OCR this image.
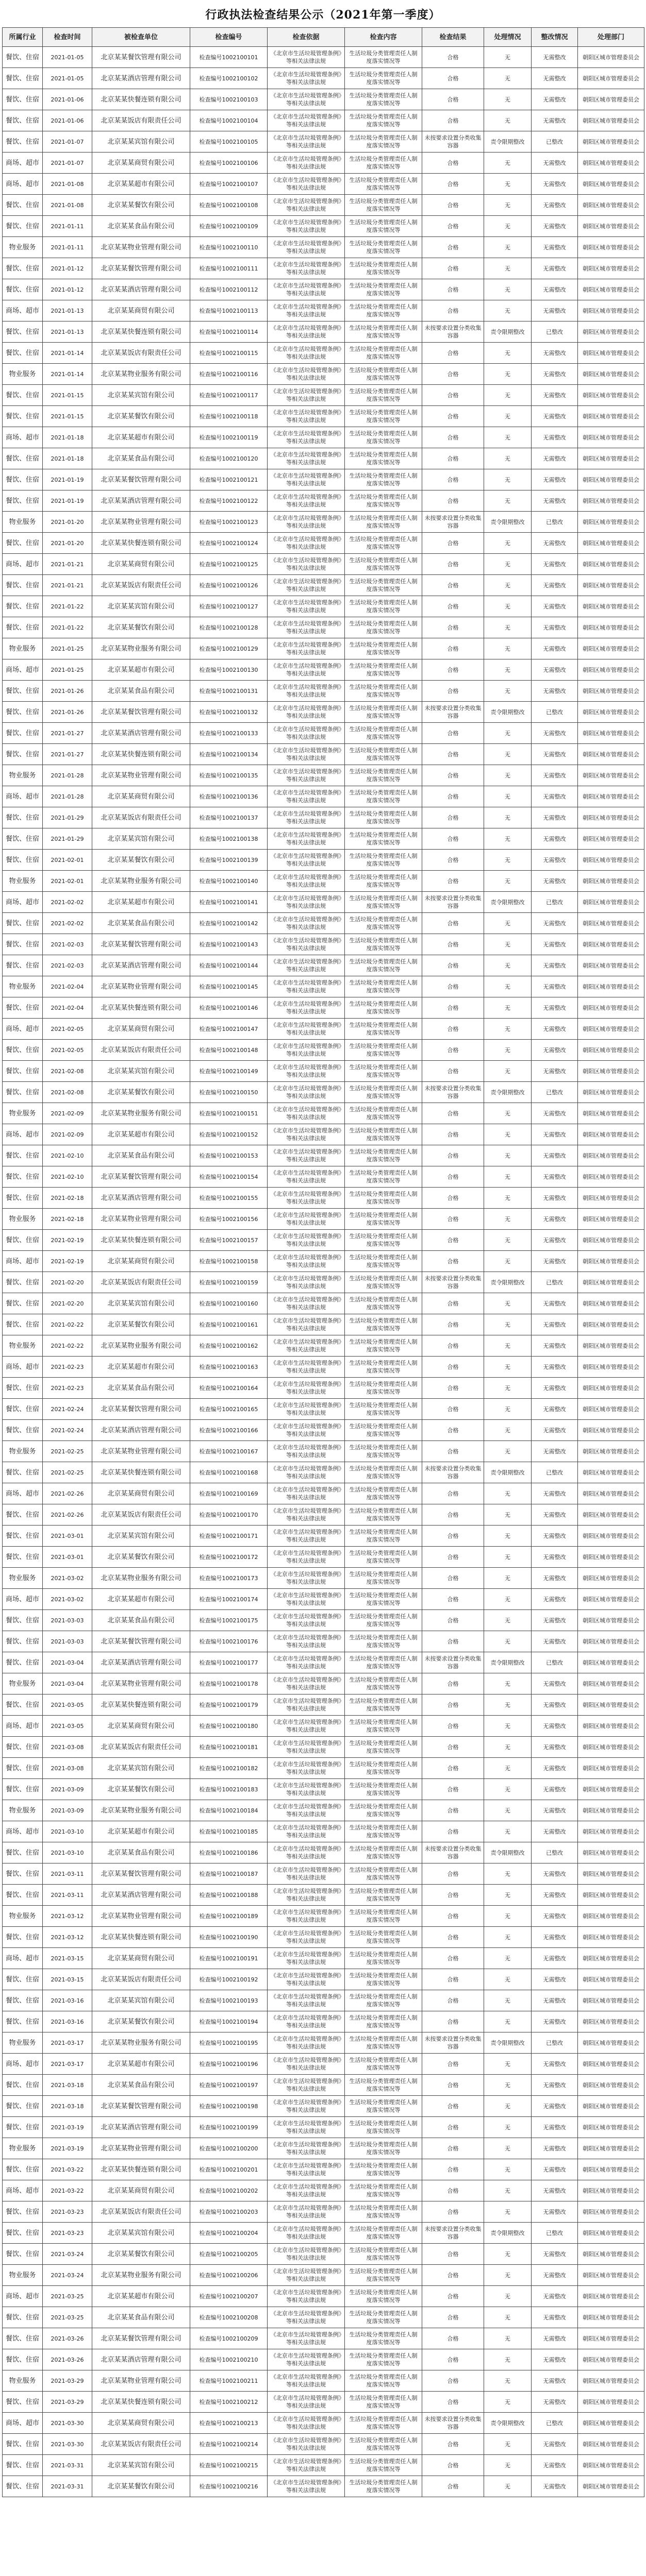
行政执法检查结果公示（2021年第一季度）
所属行业	检查时间	被检查单位	检查编号	检查依据	检查内容	检查结果	处理情况	整改情况	处理部门

餐饮、住宿	2021-01-05	北京某某餐饮管理有限公司	检查编号1002100101	《北京市生活垃圾管理条例》等相关法律法规	生活垃圾分类管理责任人制度落实情况等	合格	无	无需整改	朝阳区城市管理委员会

餐饮、住宿	2021-01-05	北京某某酒店管理有限公司	检查编号1002100102	《北京市生活垃圾管理条例》等相关法律法规	生活垃圾分类管理责任人制度落实情况等	合格	无	无需整改	朝阳区城市管理委员会

餐饮、住宿	2021-01-06	北京某某快餐连锁有限公司	检查编号1002100103	《北京市生活垃圾管理条例》等相关法律法规	生活垃圾分类管理责任人制度落实情况等	合格	无	无需整改	朝阳区城市管理委员会

餐饮、住宿	2021-01-06	北京某某饭店有限责任公司	检查编号1002100104	《北京市生活垃圾管理条例》等相关法律法规	生活垃圾分类管理责任人制度落实情况等	合格	无	无需整改	朝阳区城市管理委员会

餐饮、住宿	2021-01-07	北京某某宾馆有限公司	检查编号1002100105	《北京市生活垃圾管理条例》等相关法律法规	生活垃圾分类管理责任人制度落实情况等	未按要求设置分类收集容器	责令限期整改	已整改	朝阳区城市管理委员会

商场、超市	2021-01-07	北京某某商贸有限公司	检查编号1002100106	《北京市生活垃圾管理条例》等相关法律法规	生活垃圾分类管理责任人制度落实情况等	合格	无	无需整改	朝阳区城市管理委员会

商场、超市	2021-01-08	北京某某超市有限公司	检查编号1002100107	《北京市生活垃圾管理条例》等相关法律法规	生活垃圾分类管理责任人制度落实情况等	合格	无	无需整改	朝阳区城市管理委员会

餐饮、住宿	2021-01-08	北京某某餐饮有限公司	检查编号1002100108	《北京市生活垃圾管理条例》等相关法律法规	生活垃圾分类管理责任人制度落实情况等	合格	无	无需整改	朝阳区城市管理委员会

餐饮、住宿	2021-01-11	北京某某食品有限公司	检查编号1002100109	《北京市生活垃圾管理条例》等相关法律法规	生活垃圾分类管理责任人制度落实情况等	合格	无	无需整改	朝阳区城市管理委员会

物业服务	2021-01-11	北京某某物业管理有限公司	检查编号1002100110	《北京市生活垃圾管理条例》等相关法律法规	生活垃圾分类管理责任人制度落实情况等	合格	无	无需整改	朝阳区城市管理委员会

餐饮、住宿	2021-01-12	北京某某餐饮管理有限公司	检查编号1002100111	《北京市生活垃圾管理条例》等相关法律法规	生活垃圾分类管理责任人制度落实情况等	合格	无	无需整改	朝阳区城市管理委员会

餐饮、住宿	2021-01-12	北京某某酒店管理有限公司	检查编号1002100112	《北京市生活垃圾管理条例》等相关法律法规	生活垃圾分类管理责任人制度落实情况等	合格	无	无需整改	朝阳区城市管理委员会

商场、超市	2021-01-13	北京某某商贸有限公司	检查编号1002100113	《北京市生活垃圾管理条例》等相关法律法规	生活垃圾分类管理责任人制度落实情况等	合格	无	无需整改	朝阳区城市管理委员会

餐饮、住宿	2021-01-13	北京某某快餐连锁有限公司	检查编号1002100114	《北京市生活垃圾管理条例》等相关法律法规	生活垃圾分类管理责任人制度落实情况等	未按要求设置分类收集容器	责令限期整改	已整改	朝阳区城市管理委员会

餐饮、住宿	2021-01-14	北京某某饭店有限责任公司	检查编号1002100115	《北京市生活垃圾管理条例》等相关法律法规	生活垃圾分类管理责任人制度落实情况等	合格	无	无需整改	朝阳区城市管理委员会

物业服务	2021-01-14	北京某某物业服务有限公司	检查编号1002100116	《北京市生活垃圾管理条例》等相关法律法规	生活垃圾分类管理责任人制度落实情况等	合格	无	无需整改	朝阳区城市管理委员会

餐饮、住宿	2021-01-15	北京某某宾馆有限公司	检查编号1002100117	《北京市生活垃圾管理条例》等相关法律法规	生活垃圾分类管理责任人制度落实情况等	合格	无	无需整改	朝阳区城市管理委员会

餐饮、住宿	2021-01-15	北京某某餐饮有限公司	检查编号1002100118	《北京市生活垃圾管理条例》等相关法律法规	生活垃圾分类管理责任人制度落实情况等	合格	无	无需整改	朝阳区城市管理委员会

商场、超市	2021-01-18	北京某某超市有限公司	检查编号1002100119	《北京市生活垃圾管理条例》等相关法律法规	生活垃圾分类管理责任人制度落实情况等	合格	无	无需整改	朝阳区城市管理委员会

餐饮、住宿	2021-01-18	北京某某食品有限公司	检查编号1002100120	《北京市生活垃圾管理条例》等相关法律法规	生活垃圾分类管理责任人制度落实情况等	合格	无	无需整改	朝阳区城市管理委员会

餐饮、住宿	2021-01-19	北京某某餐饮管理有限公司	检查编号1002100121	《北京市生活垃圾管理条例》等相关法律法规	生活垃圾分类管理责任人制度落实情况等	合格	无	无需整改	朝阳区城市管理委员会

餐饮、住宿	2021-01-19	北京某某酒店管理有限公司	检查编号1002100122	《北京市生活垃圾管理条例》等相关法律法规	生活垃圾分类管理责任人制度落实情况等	合格	无	无需整改	朝阳区城市管理委员会

物业服务	2021-01-20	北京某某物业管理有限公司	检查编号1002100123	《北京市生活垃圾管理条例》等相关法律法规	生活垃圾分类管理责任人制度落实情况等	未按要求设置分类收集容器	责令限期整改	已整改	朝阳区城市管理委员会

餐饮、住宿	2021-01-20	北京某某快餐连锁有限公司	检查编号1002100124	《北京市生活垃圾管理条例》等相关法律法规	生活垃圾分类管理责任人制度落实情况等	合格	无	无需整改	朝阳区城市管理委员会

商场、超市	2021-01-21	北京某某商贸有限公司	检查编号1002100125	《北京市生活垃圾管理条例》等相关法律法规	生活垃圾分类管理责任人制度落实情况等	合格	无	无需整改	朝阳区城市管理委员会

餐饮、住宿	2021-01-21	北京某某饭店有限责任公司	检查编号1002100126	《北京市生活垃圾管理条例》等相关法律法规	生活垃圾分类管理责任人制度落实情况等	合格	无	无需整改	朝阳区城市管理委员会

餐饮、住宿	2021-01-22	北京某某宾馆有限公司	检查编号1002100127	《北京市生活垃圾管理条例》等相关法律法规	生活垃圾分类管理责任人制度落实情况等	合格	无	无需整改	朝阳区城市管理委员会

餐饮、住宿	2021-01-22	北京某某餐饮有限公司	检查编号1002100128	《北京市生活垃圾管理条例》等相关法律法规	生活垃圾分类管理责任人制度落实情况等	合格	无	无需整改	朝阳区城市管理委员会

物业服务	2021-01-25	北京某某物业服务有限公司	检查编号1002100129	《北京市生活垃圾管理条例》等相关法律法规	生活垃圾分类管理责任人制度落实情况等	合格	无	无需整改	朝阳区城市管理委员会

商场、超市	2021-01-25	北京某某超市有限公司	检查编号1002100130	《北京市生活垃圾管理条例》等相关法律法规	生活垃圾分类管理责任人制度落实情况等	合格	无	无需整改	朝阳区城市管理委员会

餐饮、住宿	2021-01-26	北京某某食品有限公司	检查编号1002100131	《北京市生活垃圾管理条例》等相关法律法规	生活垃圾分类管理责任人制度落实情况等	合格	无	无需整改	朝阳区城市管理委员会

餐饮、住宿	2021-01-26	北京某某餐饮管理有限公司	检查编号1002100132	《北京市生活垃圾管理条例》等相关法律法规	生活垃圾分类管理责任人制度落实情况等	未按要求设置分类收集容器	责令限期整改	已整改	朝阳区城市管理委员会

餐饮、住宿	2021-01-27	北京某某酒店管理有限公司	检查编号1002100133	《北京市生活垃圾管理条例》等相关法律法规	生活垃圾分类管理责任人制度落实情况等	合格	无	无需整改	朝阳区城市管理委员会

餐饮、住宿	2021-01-27	北京某某快餐连锁有限公司	检查编号1002100134	《北京市生活垃圾管理条例》等相关法律法规	生活垃圾分类管理责任人制度落实情况等	合格	无	无需整改	朝阳区城市管理委员会

物业服务	2021-01-28	北京某某物业管理有限公司	检查编号1002100135	《北京市生活垃圾管理条例》等相关法律法规	生活垃圾分类管理责任人制度落实情况等	合格	无	无需整改	朝阳区城市管理委员会

商场、超市	2021-01-28	北京某某商贸有限公司	检查编号1002100136	《北京市生活垃圾管理条例》等相关法律法规	生活垃圾分类管理责任人制度落实情况等	合格	无	无需整改	朝阳区城市管理委员会

餐饮、住宿	2021-01-29	北京某某饭店有限责任公司	检查编号1002100137	《北京市生活垃圾管理条例》等相关法律法规	生活垃圾分类管理责任人制度落实情况等	合格	无	无需整改	朝阳区城市管理委员会

餐饮、住宿	2021-01-29	北京某某宾馆有限公司	检查编号1002100138	《北京市生活垃圾管理条例》等相关法律法规	生活垃圾分类管理责任人制度落实情况等	合格	无	无需整改	朝阳区城市管理委员会

餐饮、住宿	2021-02-01	北京某某餐饮有限公司	检查编号1002100139	《北京市生活垃圾管理条例》等相关法律法规	生活垃圾分类管理责任人制度落实情况等	合格	无	无需整改	朝阳区城市管理委员会

物业服务	2021-02-01	北京某某物业服务有限公司	检查编号1002100140	《北京市生活垃圾管理条例》等相关法律法规	生活垃圾分类管理责任人制度落实情况等	合格	无	无需整改	朝阳区城市管理委员会

商场、超市	2021-02-02	北京某某超市有限公司	检查编号1002100141	《北京市生活垃圾管理条例》等相关法律法规	生活垃圾分类管理责任人制度落实情况等	未按要求设置分类收集容器	责令限期整改	已整改	朝阳区城市管理委员会

餐饮、住宿	2021-02-02	北京某某食品有限公司	检查编号1002100142	《北京市生活垃圾管理条例》等相关法律法规	生活垃圾分类管理责任人制度落实情况等	合格	无	无需整改	朝阳区城市管理委员会

餐饮、住宿	2021-02-03	北京某某餐饮管理有限公司	检查编号1002100143	《北京市生活垃圾管理条例》等相关法律法规	生活垃圾分类管理责任人制度落实情况等	合格	无	无需整改	朝阳区城市管理委员会

餐饮、住宿	2021-02-03	北京某某酒店管理有限公司	检查编号1002100144	《北京市生活垃圾管理条例》等相关法律法规	生活垃圾分类管理责任人制度落实情况等	合格	无	无需整改	朝阳区城市管理委员会

物业服务	2021-02-04	北京某某物业管理有限公司	检查编号1002100145	《北京市生活垃圾管理条例》等相关法律法规	生活垃圾分类管理责任人制度落实情况等	合格	无	无需整改	朝阳区城市管理委员会

餐饮、住宿	2021-02-04	北京某某快餐连锁有限公司	检查编号1002100146	《北京市生活垃圾管理条例》等相关法律法规	生活垃圾分类管理责任人制度落实情况等	合格	无	无需整改	朝阳区城市管理委员会

商场、超市	2021-02-05	北京某某商贸有限公司	检查编号1002100147	《北京市生活垃圾管理条例》等相关法律法规	生活垃圾分类管理责任人制度落实情况等	合格	无	无需整改	朝阳区城市管理委员会

餐饮、住宿	2021-02-05	北京某某饭店有限责任公司	检查编号1002100148	《北京市生活垃圾管理条例》等相关法律法规	生活垃圾分类管理责任人制度落实情况等	合格	无	无需整改	朝阳区城市管理委员会

餐饮、住宿	2021-02-08	北京某某宾馆有限公司	检查编号1002100149	《北京市生活垃圾管理条例》等相关法律法规	生活垃圾分类管理责任人制度落实情况等	合格	无	无需整改	朝阳区城市管理委员会

餐饮、住宿	2021-02-08	北京某某餐饮有限公司	检查编号1002100150	《北京市生活垃圾管理条例》等相关法律法规	生活垃圾分类管理责任人制度落实情况等	未按要求设置分类收集容器	责令限期整改	已整改	朝阳区城市管理委员会

物业服务	2021-02-09	北京某某物业服务有限公司	检查编号1002100151	《北京市生活垃圾管理条例》等相关法律法规	生活垃圾分类管理责任人制度落实情况等	合格	无	无需整改	朝阳区城市管理委员会

商场、超市	2021-02-09	北京某某超市有限公司	检查编号1002100152	《北京市生活垃圾管理条例》等相关法律法规	生活垃圾分类管理责任人制度落实情况等	合格	无	无需整改	朝阳区城市管理委员会

餐饮、住宿	2021-02-10	北京某某食品有限公司	检查编号1002100153	《北京市生活垃圾管理条例》等相关法律法规	生活垃圾分类管理责任人制度落实情况等	合格	无	无需整改	朝阳区城市管理委员会

餐饮、住宿	2021-02-10	北京某某餐饮管理有限公司	检查编号1002100154	《北京市生活垃圾管理条例》等相关法律法规	生活垃圾分类管理责任人制度落实情况等	合格	无	无需整改	朝阳区城市管理委员会

餐饮、住宿	2021-02-18	北京某某酒店管理有限公司	检查编号1002100155	《北京市生活垃圾管理条例》等相关法律法规	生活垃圾分类管理责任人制度落实情况等	合格	无	无需整改	朝阳区城市管理委员会

物业服务	2021-02-18	北京某某物业管理有限公司	检查编号1002100156	《北京市生活垃圾管理条例》等相关法律法规	生活垃圾分类管理责任人制度落实情况等	合格	无	无需整改	朝阳区城市管理委员会

餐饮、住宿	2021-02-19	北京某某快餐连锁有限公司	检查编号1002100157	《北京市生活垃圾管理条例》等相关法律法规	生活垃圾分类管理责任人制度落实情况等	合格	无	无需整改	朝阳区城市管理委员会

商场、超市	2021-02-19	北京某某商贸有限公司	检查编号1002100158	《北京市生活垃圾管理条例》等相关法律法规	生活垃圾分类管理责任人制度落实情况等	合格	无	无需整改	朝阳区城市管理委员会

餐饮、住宿	2021-02-20	北京某某饭店有限责任公司	检查编号1002100159	《北京市生活垃圾管理条例》等相关法律法规	生活垃圾分类管理责任人制度落实情况等	未按要求设置分类收集容器	责令限期整改	已整改	朝阳区城市管理委员会

餐饮、住宿	2021-02-20	北京某某宾馆有限公司	检查编号1002100160	《北京市生活垃圾管理条例》等相关法律法规	生活垃圾分类管理责任人制度落实情况等	合格	无	无需整改	朝阳区城市管理委员会

餐饮、住宿	2021-02-22	北京某某餐饮有限公司	检查编号1002100161	《北京市生活垃圾管理条例》等相关法律法规	生活垃圾分类管理责任人制度落实情况等	合格	无	无需整改	朝阳区城市管理委员会

物业服务	2021-02-22	北京某某物业服务有限公司	检查编号1002100162	《北京市生活垃圾管理条例》等相关法律法规	生活垃圾分类管理责任人制度落实情况等	合格	无	无需整改	朝阳区城市管理委员会

商场、超市	2021-02-23	北京某某超市有限公司	检查编号1002100163	《北京市生活垃圾管理条例》等相关法律法规	生活垃圾分类管理责任人制度落实情况等	合格	无	无需整改	朝阳区城市管理委员会

餐饮、住宿	2021-02-23	北京某某食品有限公司	检查编号1002100164	《北京市生活垃圾管理条例》等相关法律法规	生活垃圾分类管理责任人制度落实情况等	合格	无	无需整改	朝阳区城市管理委员会

餐饮、住宿	2021-02-24	北京某某餐饮管理有限公司	检查编号1002100165	《北京市生活垃圾管理条例》等相关法律法规	生活垃圾分类管理责任人制度落实情况等	合格	无	无需整改	朝阳区城市管理委员会

餐饮、住宿	2021-02-24	北京某某酒店管理有限公司	检查编号1002100166	《北京市生活垃圾管理条例》等相关法律法规	生活垃圾分类管理责任人制度落实情况等	合格	无	无需整改	朝阳区城市管理委员会

物业服务	2021-02-25	北京某某物业管理有限公司	检查编号1002100167	《北京市生活垃圾管理条例》等相关法律法规	生活垃圾分类管理责任人制度落实情况等	合格	无	无需整改	朝阳区城市管理委员会

餐饮、住宿	2021-02-25	北京某某快餐连锁有限公司	检查编号1002100168	《北京市生活垃圾管理条例》等相关法律法规	生活垃圾分类管理责任人制度落实情况等	未按要求设置分类收集容器	责令限期整改	已整改	朝阳区城市管理委员会

商场、超市	2021-02-26	北京某某商贸有限公司	检查编号1002100169	《北京市生活垃圾管理条例》等相关法律法规	生活垃圾分类管理责任人制度落实情况等	合格	无	无需整改	朝阳区城市管理委员会

餐饮、住宿	2021-02-26	北京某某饭店有限责任公司	检查编号1002100170	《北京市生活垃圾管理条例》等相关法律法规	生活垃圾分类管理责任人制度落实情况等	合格	无	无需整改	朝阳区城市管理委员会

餐饮、住宿	2021-03-01	北京某某宾馆有限公司	检查编号1002100171	《北京市生活垃圾管理条例》等相关法律法规	生活垃圾分类管理责任人制度落实情况等	合格	无	无需整改	朝阳区城市管理委员会

餐饮、住宿	2021-03-01	北京某某餐饮有限公司	检查编号1002100172	《北京市生活垃圾管理条例》等相关法律法规	生活垃圾分类管理责任人制度落实情况等	合格	无	无需整改	朝阳区城市管理委员会

物业服务	2021-03-02	北京某某物业服务有限公司	检查编号1002100173	《北京市生活垃圾管理条例》等相关法律法规	生活垃圾分类管理责任人制度落实情况等	合格	无	无需整改	朝阳区城市管理委员会

商场、超市	2021-03-02	北京某某超市有限公司	检查编号1002100174	《北京市生活垃圾管理条例》等相关法律法规	生活垃圾分类管理责任人制度落实情况等	合格	无	无需整改	朝阳区城市管理委员会

餐饮、住宿	2021-03-03	北京某某食品有限公司	检查编号1002100175	《北京市生活垃圾管理条例》等相关法律法规	生活垃圾分类管理责任人制度落实情况等	合格	无	无需整改	朝阳区城市管理委员会

餐饮、住宿	2021-03-03	北京某某餐饮管理有限公司	检查编号1002100176	《北京市生活垃圾管理条例》等相关法律法规	生活垃圾分类管理责任人制度落实情况等	合格	无	无需整改	朝阳区城市管理委员会

餐饮、住宿	2021-03-04	北京某某酒店管理有限公司	检查编号1002100177	《北京市生活垃圾管理条例》等相关法律法规	生活垃圾分类管理责任人制度落实情况等	未按要求设置分类收集容器	责令限期整改	已整改	朝阳区城市管理委员会

物业服务	2021-03-04	北京某某物业管理有限公司	检查编号1002100178	《北京市生活垃圾管理条例》等相关法律法规	生活垃圾分类管理责任人制度落实情况等	合格	无	无需整改	朝阳区城市管理委员会

餐饮、住宿	2021-03-05	北京某某快餐连锁有限公司	检查编号1002100179	《北京市生活垃圾管理条例》等相关法律法规	生活垃圾分类管理责任人制度落实情况等	合格	无	无需整改	朝阳区城市管理委员会

商场、超市	2021-03-05	北京某某商贸有限公司	检查编号1002100180	《北京市生活垃圾管理条例》等相关法律法规	生活垃圾分类管理责任人制度落实情况等	合格	无	无需整改	朝阳区城市管理委员会

餐饮、住宿	2021-03-08	北京某某饭店有限责任公司	检查编号1002100181	《北京市生活垃圾管理条例》等相关法律法规	生活垃圾分类管理责任人制度落实情况等	合格	无	无需整改	朝阳区城市管理委员会

餐饮、住宿	2021-03-08	北京某某宾馆有限公司	检查编号1002100182	《北京市生活垃圾管理条例》等相关法律法规	生活垃圾分类管理责任人制度落实情况等	合格	无	无需整改	朝阳区城市管理委员会

餐饮、住宿	2021-03-09	北京某某餐饮有限公司	检查编号1002100183	《北京市生活垃圾管理条例》等相关法律法规	生活垃圾分类管理责任人制度落实情况等	合格	无	无需整改	朝阳区城市管理委员会

物业服务	2021-03-09	北京某某物业服务有限公司	检查编号1002100184	《北京市生活垃圾管理条例》等相关法律法规	生活垃圾分类管理责任人制度落实情况等	合格	无	无需整改	朝阳区城市管理委员会

商场、超市	2021-03-10	北京某某超市有限公司	检查编号1002100185	《北京市生活垃圾管理条例》等相关法律法规	生活垃圾分类管理责任人制度落实情况等	合格	无	无需整改	朝阳区城市管理委员会

餐饮、住宿	2021-03-10	北京某某食品有限公司	检查编号1002100186	《北京市生活垃圾管理条例》等相关法律法规	生活垃圾分类管理责任人制度落实情况等	未按要求设置分类收集容器	责令限期整改	已整改	朝阳区城市管理委员会

餐饮、住宿	2021-03-11	北京某某餐饮管理有限公司	检查编号1002100187	《北京市生活垃圾管理条例》等相关法律法规	生活垃圾分类管理责任人制度落实情况等	合格	无	无需整改	朝阳区城市管理委员会

餐饮、住宿	2021-03-11	北京某某酒店管理有限公司	检查编号1002100188	《北京市生活垃圾管理条例》等相关法律法规	生活垃圾分类管理责任人制度落实情况等	合格	无	无需整改	朝阳区城市管理委员会

物业服务	2021-03-12	北京某某物业管理有限公司	检查编号1002100189	《北京市生活垃圾管理条例》等相关法律法规	生活垃圾分类管理责任人制度落实情况等	合格	无	无需整改	朝阳区城市管理委员会

餐饮、住宿	2021-03-12	北京某某快餐连锁有限公司	检查编号1002100190	《北京市生活垃圾管理条例》等相关法律法规	生活垃圾分类管理责任人制度落实情况等	合格	无	无需整改	朝阳区城市管理委员会

商场、超市	2021-03-15	北京某某商贸有限公司	检查编号1002100191	《北京市生活垃圾管理条例》等相关法律法规	生活垃圾分类管理责任人制度落实情况等	合格	无	无需整改	朝阳区城市管理委员会

餐饮、住宿	2021-03-15	北京某某饭店有限责任公司	检查编号1002100192	《北京市生活垃圾管理条例》等相关法律法规	生活垃圾分类管理责任人制度落实情况等	合格	无	无需整改	朝阳区城市管理委员会

餐饮、住宿	2021-03-16	北京某某宾馆有限公司	检查编号1002100193	《北京市生活垃圾管理条例》等相关法律法规	生活垃圾分类管理责任人制度落实情况等	合格	无	无需整改	朝阳区城市管理委员会

餐饮、住宿	2021-03-16	北京某某餐饮有限公司	检查编号1002100194	《北京市生活垃圾管理条例》等相关法律法规	生活垃圾分类管理责任人制度落实情况等	合格	无	无需整改	朝阳区城市管理委员会

物业服务	2021-03-17	北京某某物业服务有限公司	检查编号1002100195	《北京市生活垃圾管理条例》等相关法律法规	生活垃圾分类管理责任人制度落实情况等	未按要求设置分类收集容器	责令限期整改	已整改	朝阳区城市管理委员会

商场、超市	2021-03-17	北京某某超市有限公司	检查编号1002100196	《北京市生活垃圾管理条例》等相关法律法规	生活垃圾分类管理责任人制度落实情况等	合格	无	无需整改	朝阳区城市管理委员会

餐饮、住宿	2021-03-18	北京某某食品有限公司	检查编号1002100197	《北京市生活垃圾管理条例》等相关法律法规	生活垃圾分类管理责任人制度落实情况等	合格	无	无需整改	朝阳区城市管理委员会

餐饮、住宿	2021-03-18	北京某某餐饮管理有限公司	检查编号1002100198	《北京市生活垃圾管理条例》等相关法律法规	生活垃圾分类管理责任人制度落实情况等	合格	无	无需整改	朝阳区城市管理委员会

餐饮、住宿	2021-03-19	北京某某酒店管理有限公司	检查编号1002100199	《北京市生活垃圾管理条例》等相关法律法规	生活垃圾分类管理责任人制度落实情况等	合格	无	无需整改	朝阳区城市管理委员会

物业服务	2021-03-19	北京某某物业管理有限公司	检查编号1002100200	《北京市生活垃圾管理条例》等相关法律法规	生活垃圾分类管理责任人制度落实情况等	合格	无	无需整改	朝阳区城市管理委员会

餐饮、住宿	2021-03-22	北京某某快餐连锁有限公司	检查编号1002100201	《北京市生活垃圾管理条例》等相关法律法规	生活垃圾分类管理责任人制度落实情况等	合格	无	无需整改	朝阳区城市管理委员会

商场、超市	2021-03-22	北京某某商贸有限公司	检查编号1002100202	《北京市生活垃圾管理条例》等相关法律法规	生活垃圾分类管理责任人制度落实情况等	合格	无	无需整改	朝阳区城市管理委员会

餐饮、住宿	2021-03-23	北京某某饭店有限责任公司	检查编号1002100203	《北京市生活垃圾管理条例》等相关法律法规	生活垃圾分类管理责任人制度落实情况等	合格	无	无需整改	朝阳区城市管理委员会

餐饮、住宿	2021-03-23	北京某某宾馆有限公司	检查编号1002100204	《北京市生活垃圾管理条例》等相关法律法规	生活垃圾分类管理责任人制度落实情况等	未按要求设置分类收集容器	责令限期整改	已整改	朝阳区城市管理委员会

餐饮、住宿	2021-03-24	北京某某餐饮有限公司	检查编号1002100205	《北京市生活垃圾管理条例》等相关法律法规	生活垃圾分类管理责任人制度落实情况等	合格	无	无需整改	朝阳区城市管理委员会

物业服务	2021-03-24	北京某某物业服务有限公司	检查编号1002100206	《北京市生活垃圾管理条例》等相关法律法规	生活垃圾分类管理责任人制度落实情况等	合格	无	无需整改	朝阳区城市管理委员会

商场、超市	2021-03-25	北京某某超市有限公司	检查编号1002100207	《北京市生活垃圾管理条例》等相关法律法规	生活垃圾分类管理责任人制度落实情况等	合格	无	无需整改	朝阳区城市管理委员会

餐饮、住宿	2021-03-25	北京某某食品有限公司	检查编号1002100208	《北京市生活垃圾管理条例》等相关法律法规	生活垃圾分类管理责任人制度落实情况等	合格	无	无需整改	朝阳区城市管理委员会

餐饮、住宿	2021-03-26	北京某某餐饮管理有限公司	检查编号1002100209	《北京市生活垃圾管理条例》等相关法律法规	生活垃圾分类管理责任人制度落实情况等	合格	无	无需整改	朝阳区城市管理委员会

餐饮、住宿	2021-03-26	北京某某酒店管理有限公司	检查编号1002100210	《北京市生活垃圾管理条例》等相关法律法规	生活垃圾分类管理责任人制度落实情况等	合格	无	无需整改	朝阳区城市管理委员会

物业服务	2021-03-29	北京某某物业管理有限公司	检查编号1002100211	《北京市生活垃圾管理条例》等相关法律法规	生活垃圾分类管理责任人制度落实情况等	合格	无	无需整改	朝阳区城市管理委员会

餐饮、住宿	2021-03-29	北京某某快餐连锁有限公司	检查编号1002100212	《北京市生活垃圾管理条例》等相关法律法规	生活垃圾分类管理责任人制度落实情况等	合格	无	无需整改	朝阳区城市管理委员会

商场、超市	2021-03-30	北京某某商贸有限公司	检查编号1002100213	《北京市生活垃圾管理条例》等相关法律法规	生活垃圾分类管理责任人制度落实情况等	未按要求设置分类收集容器	责令限期整改	已整改	朝阳区城市管理委员会

餐饮、住宿	2021-03-30	北京某某饭店有限责任公司	检查编号1002100214	《北京市生活垃圾管理条例》等相关法律法规	生活垃圾分类管理责任人制度落实情况等	合格	无	无需整改	朝阳区城市管理委员会

餐饮、住宿	2021-03-31	北京某某宾馆有限公司	检查编号1002100215	《北京市生活垃圾管理条例》等相关法律法规	生活垃圾分类管理责任人制度落实情况等	合格	无	无需整改	朝阳区城市管理委员会

餐饮、住宿	2021-03-31	北京某某餐饮有限公司	检查编号1002100216	《北京市生活垃圾管理条例》等相关法律法规	生活垃圾分类管理责任人制度落实情况等	合格	无	无需整改	朝阳区城市管理委员会
